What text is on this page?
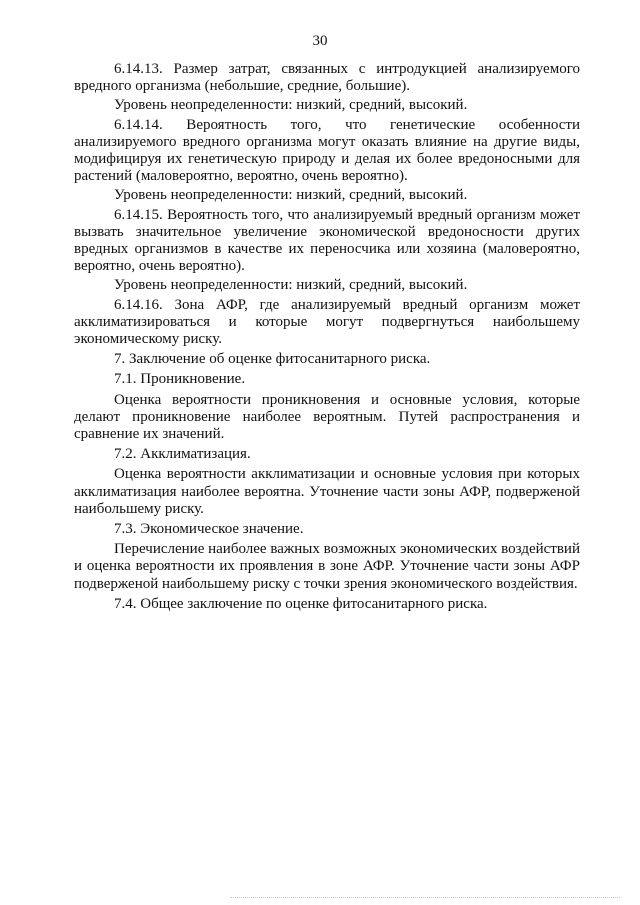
30

6.14.13. Размер затрат, связанных с интродукцией анализируемого вредного организма (небольшие, средние, большие).

Уровень неопределенности: низкий, средний, высокий.

6.14.14. Вероятность того, что генетические особенности анализируемого вредного организма могут оказать влияние на другие виды, модифицируя их генетическую природу и делая их более вредоносными для растений (маловероятно, вероятно, очень вероятно).

Уровень неопределенности: низкий, средний, высокий.

6.14.15. Вероятность того, что анализируемый вредный организм может вызвать значительное увеличение экономической вредоносности других вредных организмов в качестве их переносчика или хозяина (маловероятно, вероятно, очень вероятно).

Уровень неопределенности: низкий, средний, высокий.

6.14.16. Зона АФР, где анализируемый вредный организм может акклиматизироваться и которые могут подвергнуться наибольшему экономическому риску.

7. Заключение об оценке фитосанитарного риска.

7.1. Проникновение.

Оценка вероятности проникновения и основные условия, которые делают проникновение наиболее вероятным. Путей распространения и сравнение их значений.

7.2. Акклиматизация.

Оценка вероятности акклиматизации и основные условия при которых акклиматизация наиболее вероятна. Уточнение части зоны АФР, подверженой наибольшему риску.

7.3. Экономическое значение.

Перечисление наиболее важных возможных экономических воздействий и оценка вероятности их проявления в зоне АФР. Уточнение части зоны АФР подверженой наибольшему риску с точки зрения экономического воздействия.

7.4. Общее заключение по оценке фитосанитарного риска.
